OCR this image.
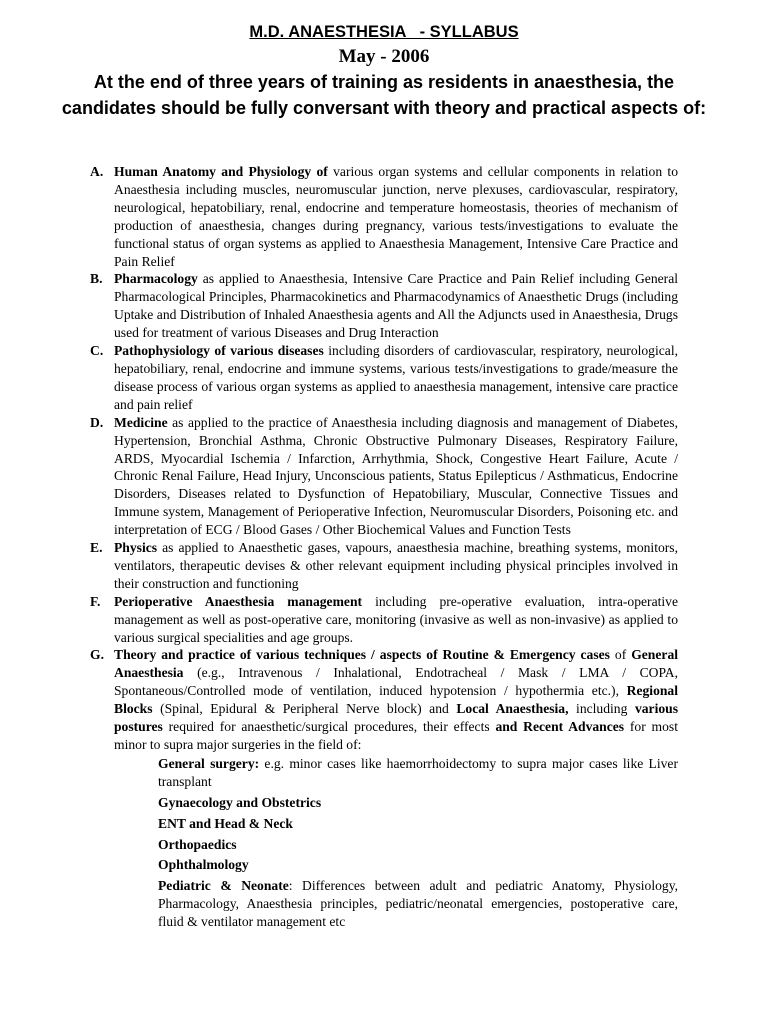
M.D. ANAESTHESIA   - SYLLABUS
May - 2006
At the end of three years of training as residents in anaesthesia, the candidates should be fully conversant with theory and practical aspects of:
A. Human Anatomy and Physiology of various organ systems and cellular components in relation to Anaesthesia including muscles, neuromuscular junction, nerve plexuses, cardiovascular, respiratory, neurological, hepatobiliary, renal, endocrine and temperature homeostasis, theories of mechanism of production of anaesthesia, changes during pregnancy, various tests/investigations to evaluate the functional status of organ systems as applied to Anaesthesia Management, Intensive Care Practice and Pain Relief
B. Pharmacology as applied to Anaesthesia, Intensive Care Practice and Pain Relief including General Pharmacological Principles, Pharmacokinetics and Pharmacodynamics of Anaesthetic Drugs (including Uptake and Distribution of Inhaled Anaesthesia agents and All the Adjuncts used in Anaesthesia, Drugs used for treatment of various Diseases and Drug Interaction
C. Pathophysiology of various diseases including disorders of cardiovascular, respiratory, neurological, hepatobiliary, renal, endocrine and immune systems, various tests/investigations to grade/measure the disease process of various organ systems as applied to anaesthesia management, intensive care practice and pain relief
D. Medicine as applied to the practice of Anaesthesia including diagnosis and management of Diabetes, Hypertension, Bronchial Asthma, Chronic Obstructive Pulmonary Diseases, Respiratory Failure, ARDS, Myocardial Ischemia / Infarction, Arrhythmia, Shock, Congestive Heart Failure, Acute / Chronic Renal Failure, Head Injury, Unconscious patients, Status Epilepticus / Asthmaticus, Endocrine Disorders, Diseases related to Dysfunction of Hepatobiliary, Muscular, Connective Tissues and Immune system, Management of Perioperative Infection, Neuromuscular Disorders, Poisoning etc. and interpretation of ECG / Blood Gases / Other Biochemical Values and Function Tests
E. Physics as applied to Anaesthetic gases, vapours, anaesthesia machine, breathing systems, monitors, ventilators, therapeutic devises & other relevant equipment including physical principles involved in their construction and functioning
F. Perioperative Anaesthesia management including pre-operative evaluation, intra-operative management as well as post-operative care, monitoring (invasive as well as non-invasive) as applied to various surgical specialities and age groups.
G. Theory and practice of various techniques / aspects of Routine & Emergency cases of General Anaesthesia (e.g., Intravenous / Inhalational, Endotracheal / Mask / LMA / COPA, Spontaneous/Controlled mode of ventilation, induced hypotension / hypothermia etc.), Regional Blocks (Spinal, Epidural & Peripheral Nerve block) and Local Anaesthesia, including various postures required for anaesthetic/surgical procedures, their effects and Recent Advances for most minor to supra major surgeries in the field of:
General surgery: e.g. minor cases like haemorrhoidectomy to supra major cases like Liver transplant
Gynaecology and Obstetrics
ENT and Head & Neck
Orthopaedics
Ophthalmology
Pediatric & Neonate: Differences between adult and pediatric Anatomy, Physiology, Pharmacology, Anaesthesia principles, pediatric/neonatal emergencies, postoperative care, fluid & ventilator management etc
